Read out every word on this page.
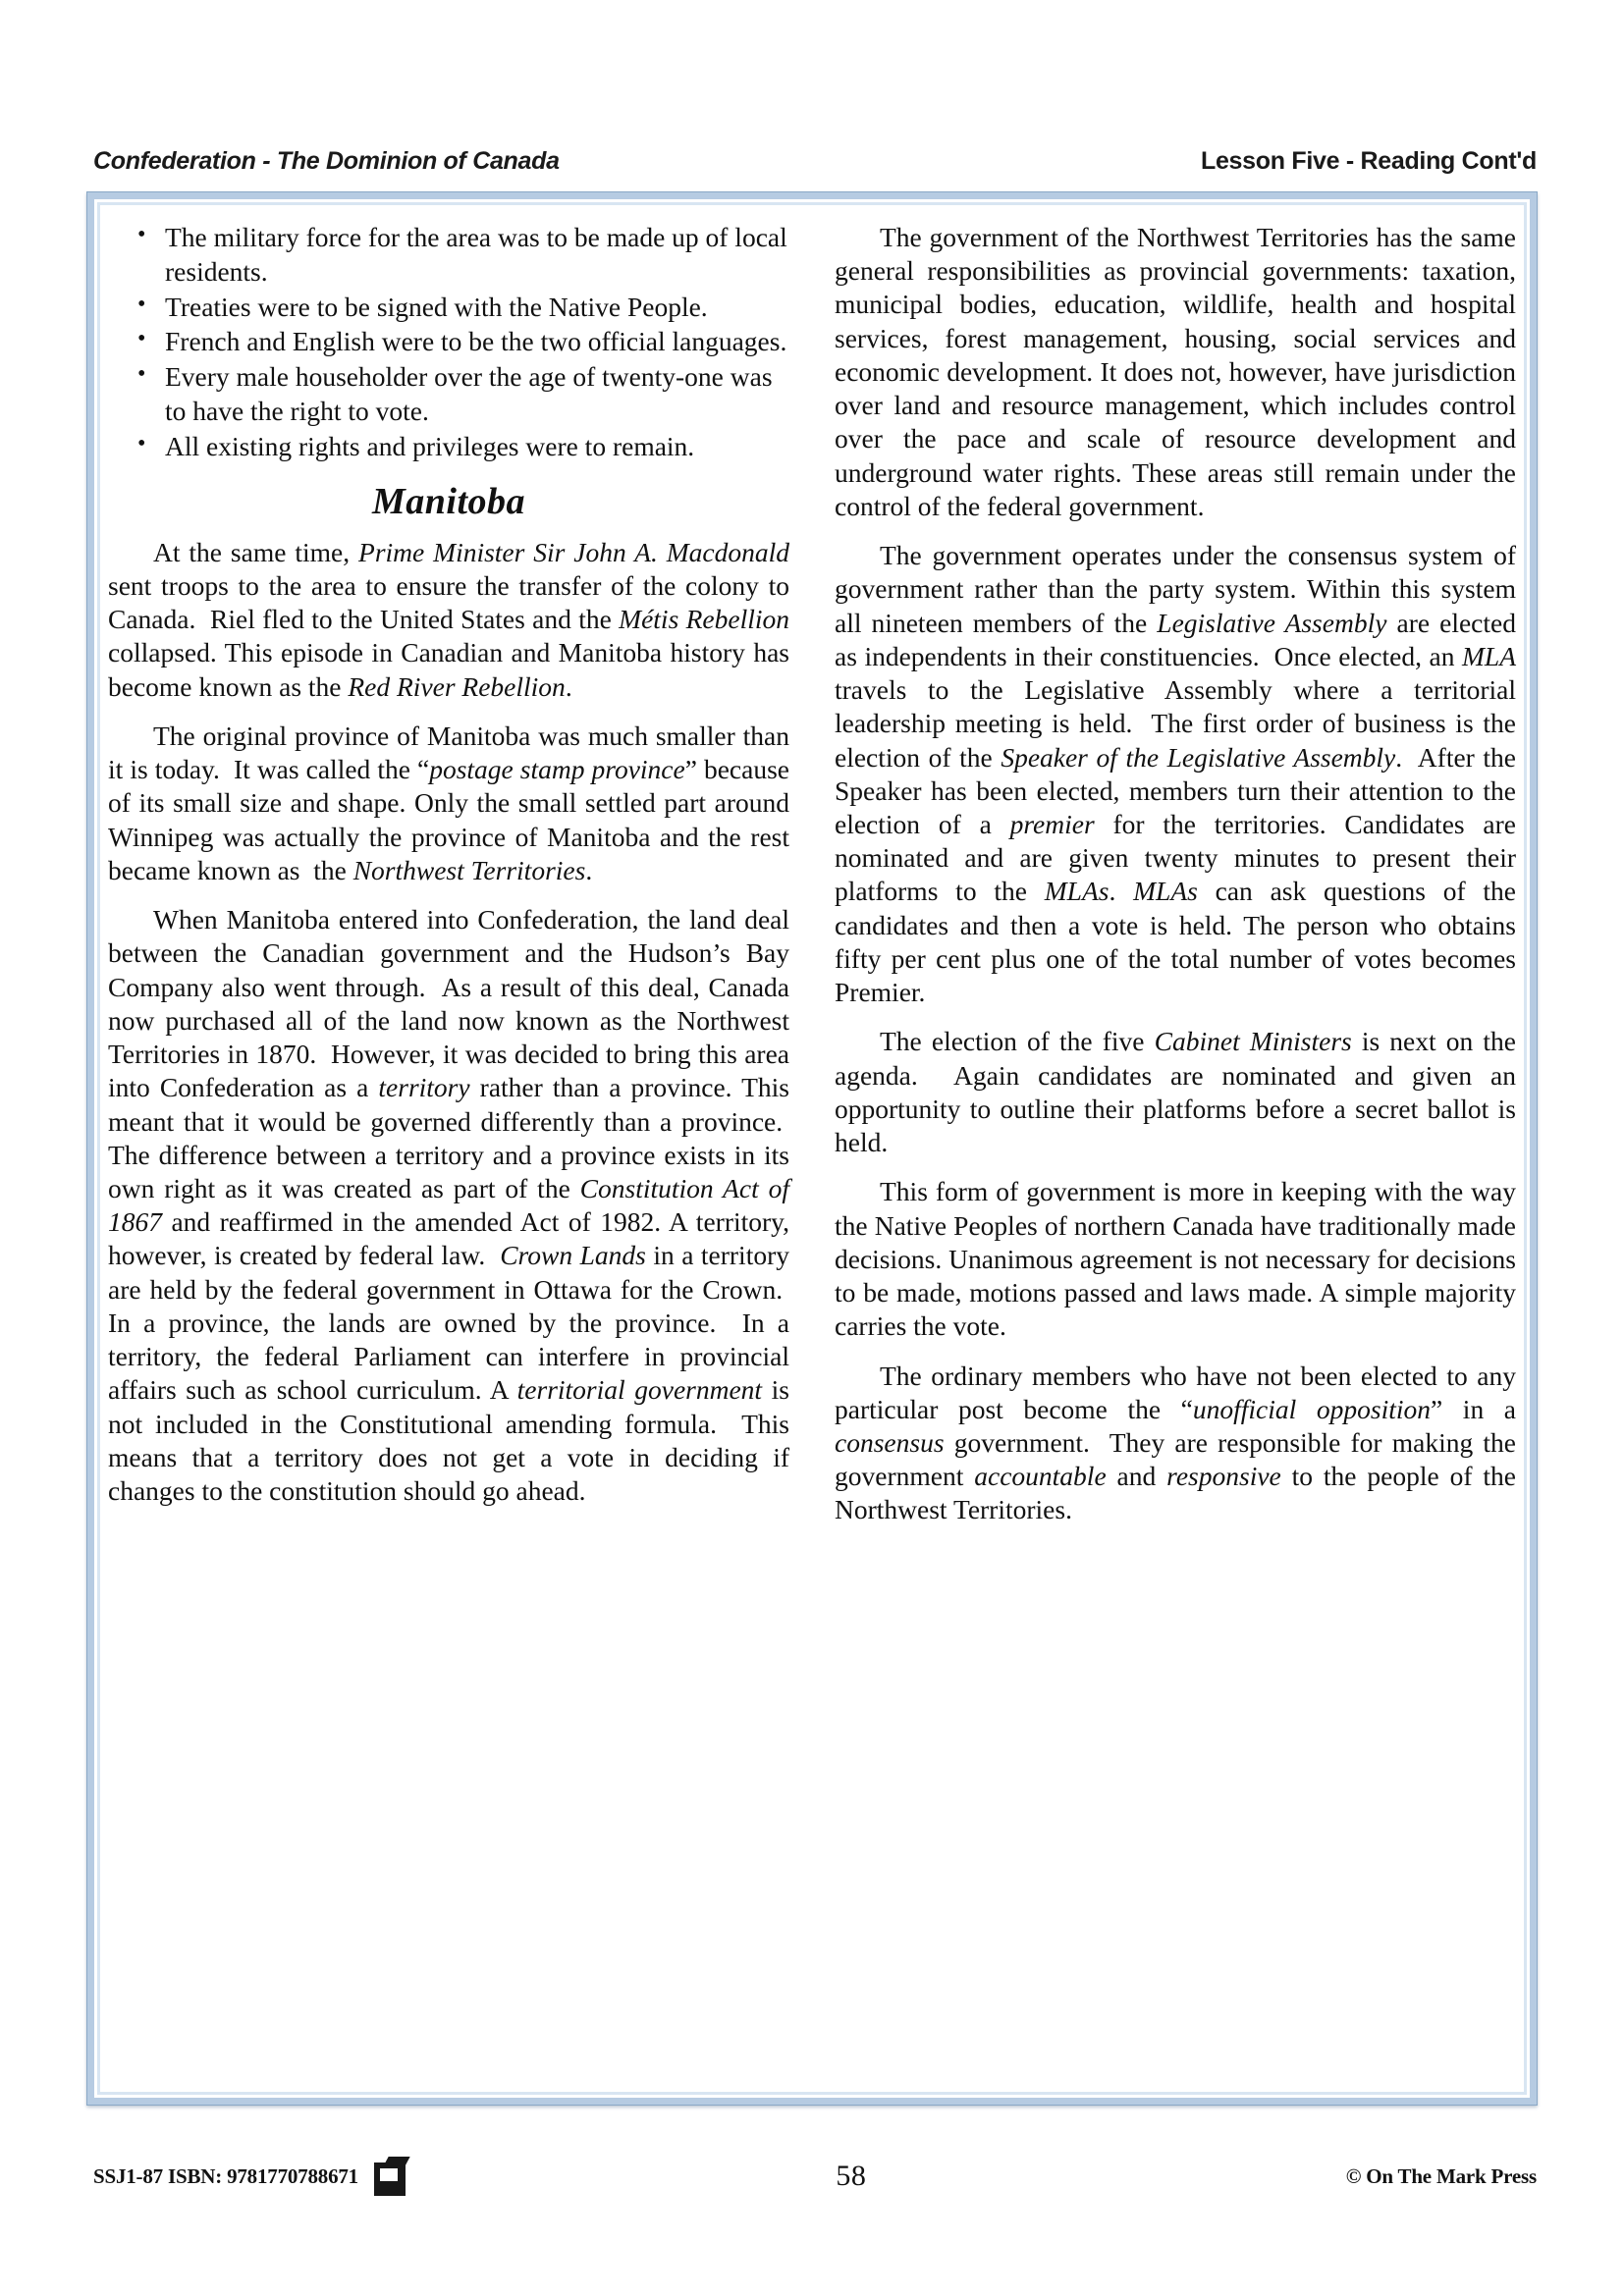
Confederation - The Dominion of Canada	Lesson Five - Reading Cont'd
• The military force for the area was to be made up of local residents.
• Treaties were to be signed with the Native People.
• French and English were to be the two official languages.
• Every male householder over the age of twenty-one was to have the right to vote.
• All existing rights and privileges were to remain.
Manitoba

At the same time, Prime Minister Sir John A. Macdonald sent troops to the area to ensure the transfer of the colony to Canada.  Riel fled to the United States and the Métis Rebellion collapsed. This episode in Canadian and Manitoba history has become known as the Red River Rebellion.

The original province of Manitoba was much smaller than it is today.  It was called the “postage stamp province” because of its small size and shape. Only the small settled part around Winnipeg was actually the province of Manitoba and the rest became known as  the Northwest Territories.

When Manitoba entered into Confederation, the land deal between the Canadian government and the Hudson’s Bay Company also went through.  As a result of this deal, Canada now purchased all of the land now known as the Northwest Territories in 1870.  However, it was decided to bring this area into Confederation as a territory rather than a province. This meant that it would be governed differently than a province.  The difference between a territory and a province exists in its own right as it was created as part of the Constitution Act of 1867 and reaffirmed in the amended Act of 1982. A territory, however, is created by federal law.  Crown Lands in a territory are held by the federal government in Ottawa for the Crown.  In a province, the lands are owned by the province.  In a territory, the federal Parliament can interfere in provincial affairs such as school curriculum. A territorial government is not included in the Constitutional amending formula.  This means that a territory does not get a vote in deciding if changes to the constitution should go ahead.

The government of the Northwest Territories has the same general responsibilities as provincial governments: taxation, municipal bodies, education, wildlife, health and hospital services, forest management, housing, social services and economic development. It does not, however, have jurisdiction over land and resource management, which includes control over the pace and scale of resource development and underground water rights. These areas still remain under the control of the federal government.

The government operates under the consensus system of government rather than the party system. Within this system all nineteen members of the Legislative Assembly are elected as independents in their constituencies.  Once elected, an MLA travels to the Legislative Assembly where a territorial leadership meeting is held.  The first order of business is the election of the Speaker of the Legislative Assembly.  After the Speaker has been elected, members turn their attention to the election of a premier for the territories. Candidates are nominated and are given twenty minutes to present their platforms to the MLAs. MLAs can ask questions of the candidates and then a vote is held. The person who obtains fifty per cent plus one of the total number of votes becomes Premier.

The election of the five Cabinet Ministers is next on the agenda.  Again candidates are nominated and given an opportunity to outline their platforms before a secret ballot is held.

This form of government is more in keeping with the way the Native Peoples of northern Canada have traditionally made decisions. Unanimous agreement is not necessary for decisions to be made, motions passed and laws made. A simple majority carries the vote.

The ordinary members who have not been elected to any particular post become the “unofficial opposition” in a consensus government.  They are responsible for making the government accountable and responsive to the people of the Northwest Territories.

SSJ1-87 ISBN: 9781770788671	58	© On The Mark Press
